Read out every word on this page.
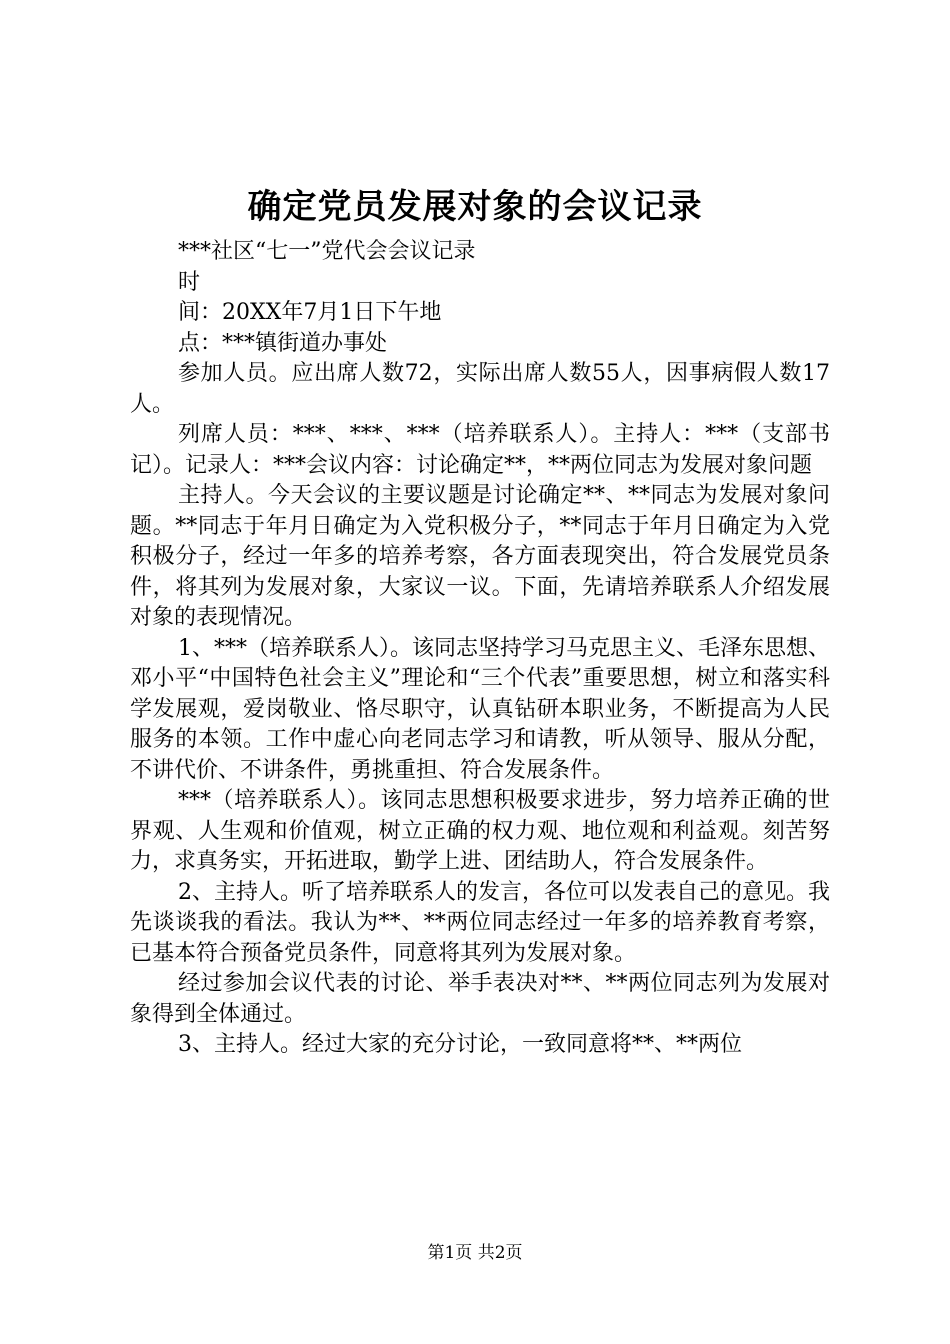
确定党员发展对象的会议记录

***社区“七一”党代会会议记录

时

间：20XX年7月1日下午地

点：***镇街道办事处

参加人员。应出席人数72，实际出席人数55人，因事病假人数17人。

列席人员：***、***、***（培养联系人）。主持人：***（支部书记）。记录人：***会议内容：讨论确定**，**两位同志为发展对象问题

主持人。今天会议的主要议题是讨论确定**、**同志为发展对象问题。**同志于年月日确定为入党积极分子，**同志于年月日确定为入党积极分子，经过一年多的培养考察，各方面表现突出，符合发展党员条件，将其列为发展对象，大家议一议。下面，先请培养联系人介绍发展对象的表现情况。

1、***（培养联系人）。该同志坚持学习马克思主义、毛泽东思想、邓小平“中国特色社会主义”理论和“三个代表”重要思想，树立和落实科学发展观，爱岗敬业、恪尽职守，认真钻研本职业务，不断提高为人民服务的本领。工作中虚心向老同志学习和请教，听从领导、服从分配，不讲代价、不讲条件，勇挑重担、符合发展条件。

***（培养联系人）。该同志思想积极要求进步，努力培养正确的世界观、人生观和价值观，树立正确的权力观、地位观和利益观。刻苦努力，求真务实，开拓进取，勤学上进、团结助人，符合发展条件。

2、主持人。听了培养联系人的发言，各位可以发表自己的意见。我先谈谈我的看法。我认为**、**两位同志经过一年多的培养教育考察，已基本符合预备党员条件，同意将其列为发展对象。

经过参加会议代表的讨论、举手表决对**、**两位同志列为发展对象得到全体通过。

3、主持人。经过大家的充分讨论，一致同意将**、**两位

第1页 共2页
